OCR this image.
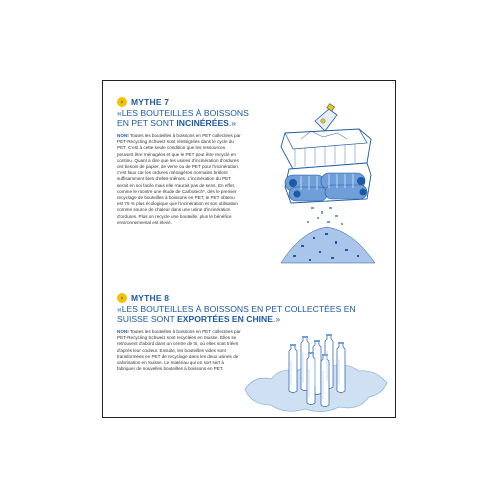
› MYTHE 7
«LES BOUTEILLES À BOISSONS EN PET SONT INCINÉRÉES.»
NON! Toutes les bouteilles à boissons en PET collectées par PET-Recycling Schweiz sont réintégrées dans le cycle du PET. C'est à cette seule condition que les ressources peuvent être ménagées et que le PET peut être recyclé en continu. Quant à dire que les usines d'incinération d'ordures ont besoin de papier, de verre ou de PET pour l'incinération, c'est faux car les ordures ménagères normales brûlent suffisamment bien d'elles-mêmes. L'incinération du PET serait en soi facile mais elle n'aurait pas de sens. En effet, comme le montre une étude de Carbotech*, dès le premier recyclage de bouteilles à boissons en PET, le PET obtenu est 75 % plus écologique que l'incinération et son utilisation comme source de chaleur dans une usine d'incinération d'ordures. Plus on recycle une bouteille, plus le bénéfice environnemental est élevé.
› MYTHE 8
«LES BOUTEILLES À BOISSONS EN PET COLLECTÉES EN SUISSE SONT EXPORTÉES EN CHINE.»
NON! Toutes les bouteilles à boissons en PET collectées par PET-Recycling Schweiz sont recyclées en Suisse. Elles se retrouvent d'abord dans un centre de tri, où elles sont triées d'après leur couleur. Ensuite, les bouteilles vides sont transformées en PET de recyclage dans les deux usines de valorisation en Suisse. Le matériau qui en sort sert à fabriquer de nouvelles bouteilles à boissons en PET.
